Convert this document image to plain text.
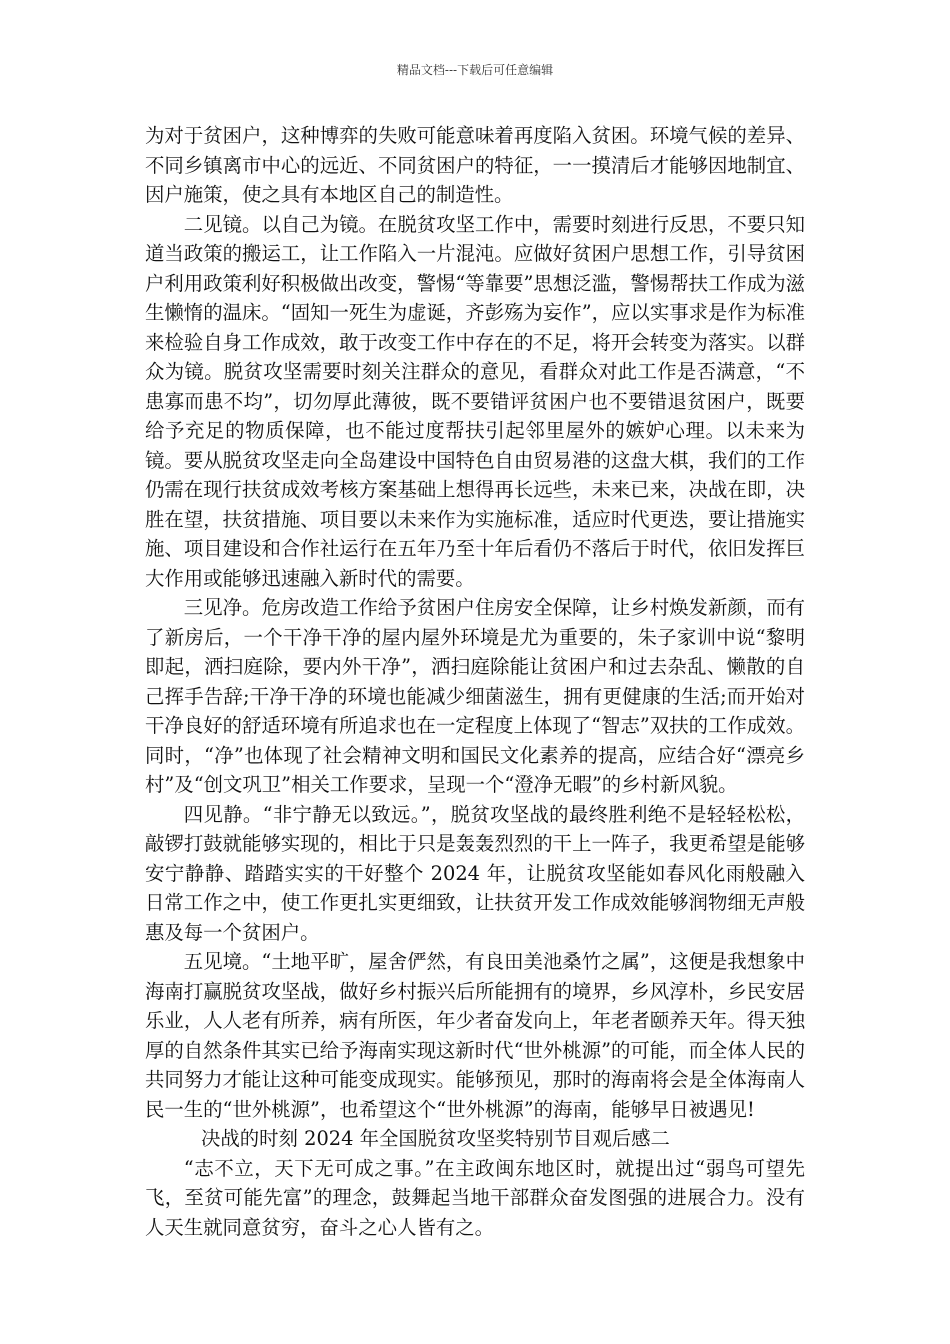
精品文档---下载后可任意编辑

为对于贫困户，这种博弈的失败可能意味着再度陷入贫困。环境气候的差异、不同乡镇离市中心的远近、不同贫困户的特征，一一摸清后才能够因地制宜、因户施策，使之具有本地区自己的制造性。

二见镜。以自己为镜。在脱贫攻坚工作中，需要时刻进行反思，不要只知道当政策的搬运工，让工作陷入一片混沌。应做好贫困户思想工作，引导贫困户利用政策利好积极做出改变，警惕“等靠要”思想泛滥，警惕帮扶工作成为滋生懒惰的温床。“固知一死生为虚诞，齐彭殇为妄作”，应以实事求是作为标准来检验自身工作成效，敢于改变工作中存在的不足，将开会转变为落实。以群众为镜。脱贫攻坚需要时刻关注群众的意见，看群众对此工作是否满意，“不患寡而患不均”，切勿厚此薄彼，既不要错评贫困户也不要错退贫困户，既要给予充足的物质保障，也不能过度帮扶引起邻里屋外的嫉妒心理。以未来为镜。要从脱贫攻坚走向全岛建设中国特色自由贸易港的这盘大棋，我们的工作仍需在现行扶贫成效考核方案基础上想得再长远些，未来已来，决战在即，决胜在望，扶贫措施、项目要以未来作为实施标准，适应时代更迭，要让措施实施、项目建设和合作社运行在五年乃至十年后看仍不落后于时代，依旧发挥巨大作用或能够迅速融入新时代的需要。

三见净。危房改造工作给予贫困户住房安全保障，让乡村焕发新颜，而有了新房后，一个干净干净的屋内屋外环境是尤为重要的，朱子家训中说“黎明即起，洒扫庭除，要内外干净”，洒扫庭除能让贫困户和过去杂乱、懒散的自己挥手告辞;干净干净的环境也能减少细菌滋生，拥有更健康的生活;而开始对干净良好的舒适环境有所追求也在一定程度上体现了“智志”双扶的工作成效。同时，“净”也体现了社会精神文明和国民文化素养的提高，应结合好“漂亮乡村”及“创文巩卫”相关工作要求，呈现一个“澄净无暇”的乡村新风貌。

四见静。“非宁静无以致远。”，脱贫攻坚战的最终胜利绝不是轻轻松松，敲锣打鼓就能够实现的，相比于只是轰轰烈烈的干上一阵子，我更希望是能够安宁静静、踏踏实实的干好整个 2024 年，让脱贫攻坚能如春风化雨般融入日常工作之中，使工作更扎实更细致，让扶贫开发工作成效能够润物细无声般惠及每一个贫困户。

五见境。“土地平旷，屋舍俨然，有良田美池桑竹之属”，这便是我想象中海南打赢脱贫攻坚战，做好乡村振兴后所能拥有的境界，乡风淳朴，乡民安居乐业，人人老有所养，病有所医，年少者奋发向上，年老者颐养天年。得天独厚的自然条件其实已给予海南实现这新时代“世外桃源”的可能，而全体人民的共同努力才能让这种可能变成现实。能够预见，那时的海南将会是全体海南人民一生的“世外桃源”，也希望这个“世外桃源”的海南，能够早日被遇见!

决战的时刻 2024 年全国脱贫攻坚奖特别节目观后感二

“志不立，天下无可成之事。”在主政闽东地区时，就提出过“弱鸟可望先飞，至贫可能先富”的理念，鼓舞起当地干部群众奋发图强的进展合力。没有人天生就同意贫穷，奋斗之心人皆有之。
